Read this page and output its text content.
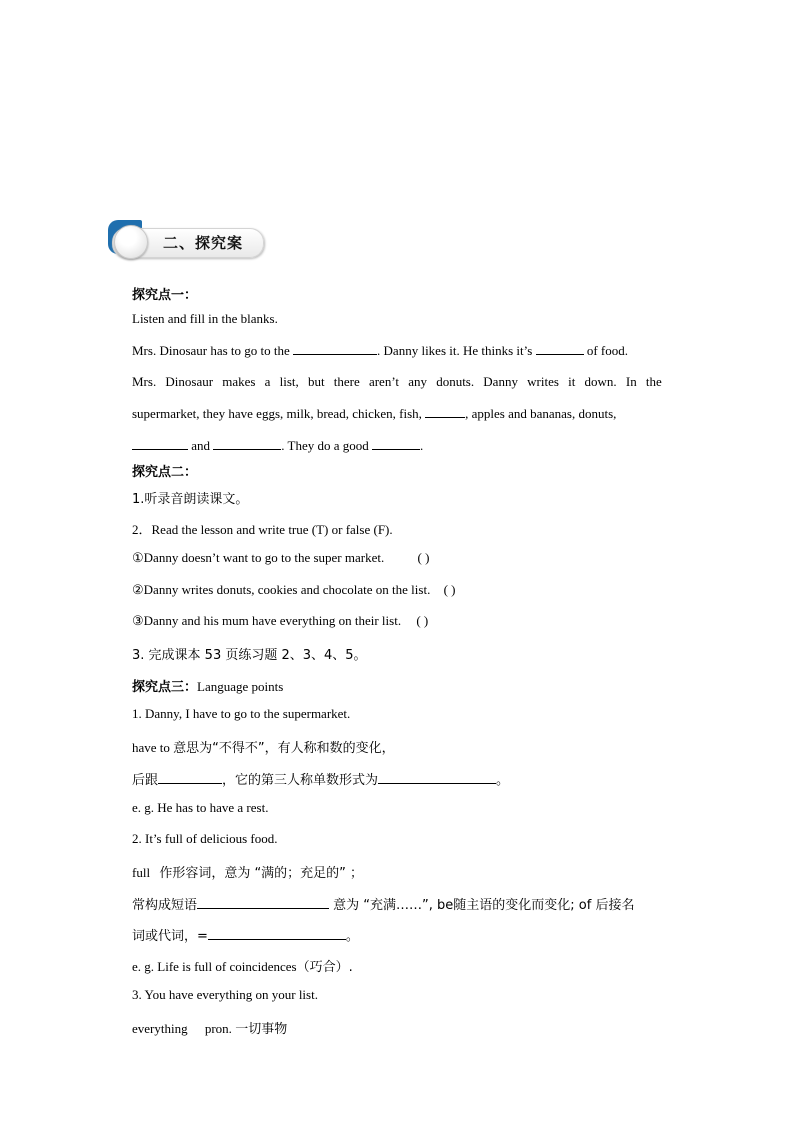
二、探究案
探究点一：
Listen and fill in the blanks.
Mrs. Dinosaur has to go to the	. Danny likes it. He thinks it’s	of food.
Mrs. Dinosaur makes a list, but there aren’t any donuts. Danny writes it down. In the
supermarket, they have eggs, milk, bread, chicken, fish,	, apples and bananas, donuts,
and	. They do a good	.
探究点二：
1.听录音朗读课文。
2．Read the lesson and write true (T) or false (F).
①Danny doesn’t want to go to the super market.	( )
②Danny writes donuts, cookies and chocolate on the list. ( )
③Danny and his mum have everything on their list. ( )
3. 完成课本 53 页练习题 2、3、4、5。
探究点三：Language points
1. Danny, I have to go to the supermarket.
have to 意思为“不得不”，有人称和数的变化，
后跟	，它的第三人称单数形式为	。
e. g. He has to have a rest.
2. It’s full of delicious food.
full 作形容词，意为 “满的；充足的” ；
常构成短语	意为 “充满……”, be随主语的变化而变化; of 后接名
词或代词，=	。
e. g. Life is full of coincidences（巧合）.
3. You have everything on your list.
everything pron. 一切事物
